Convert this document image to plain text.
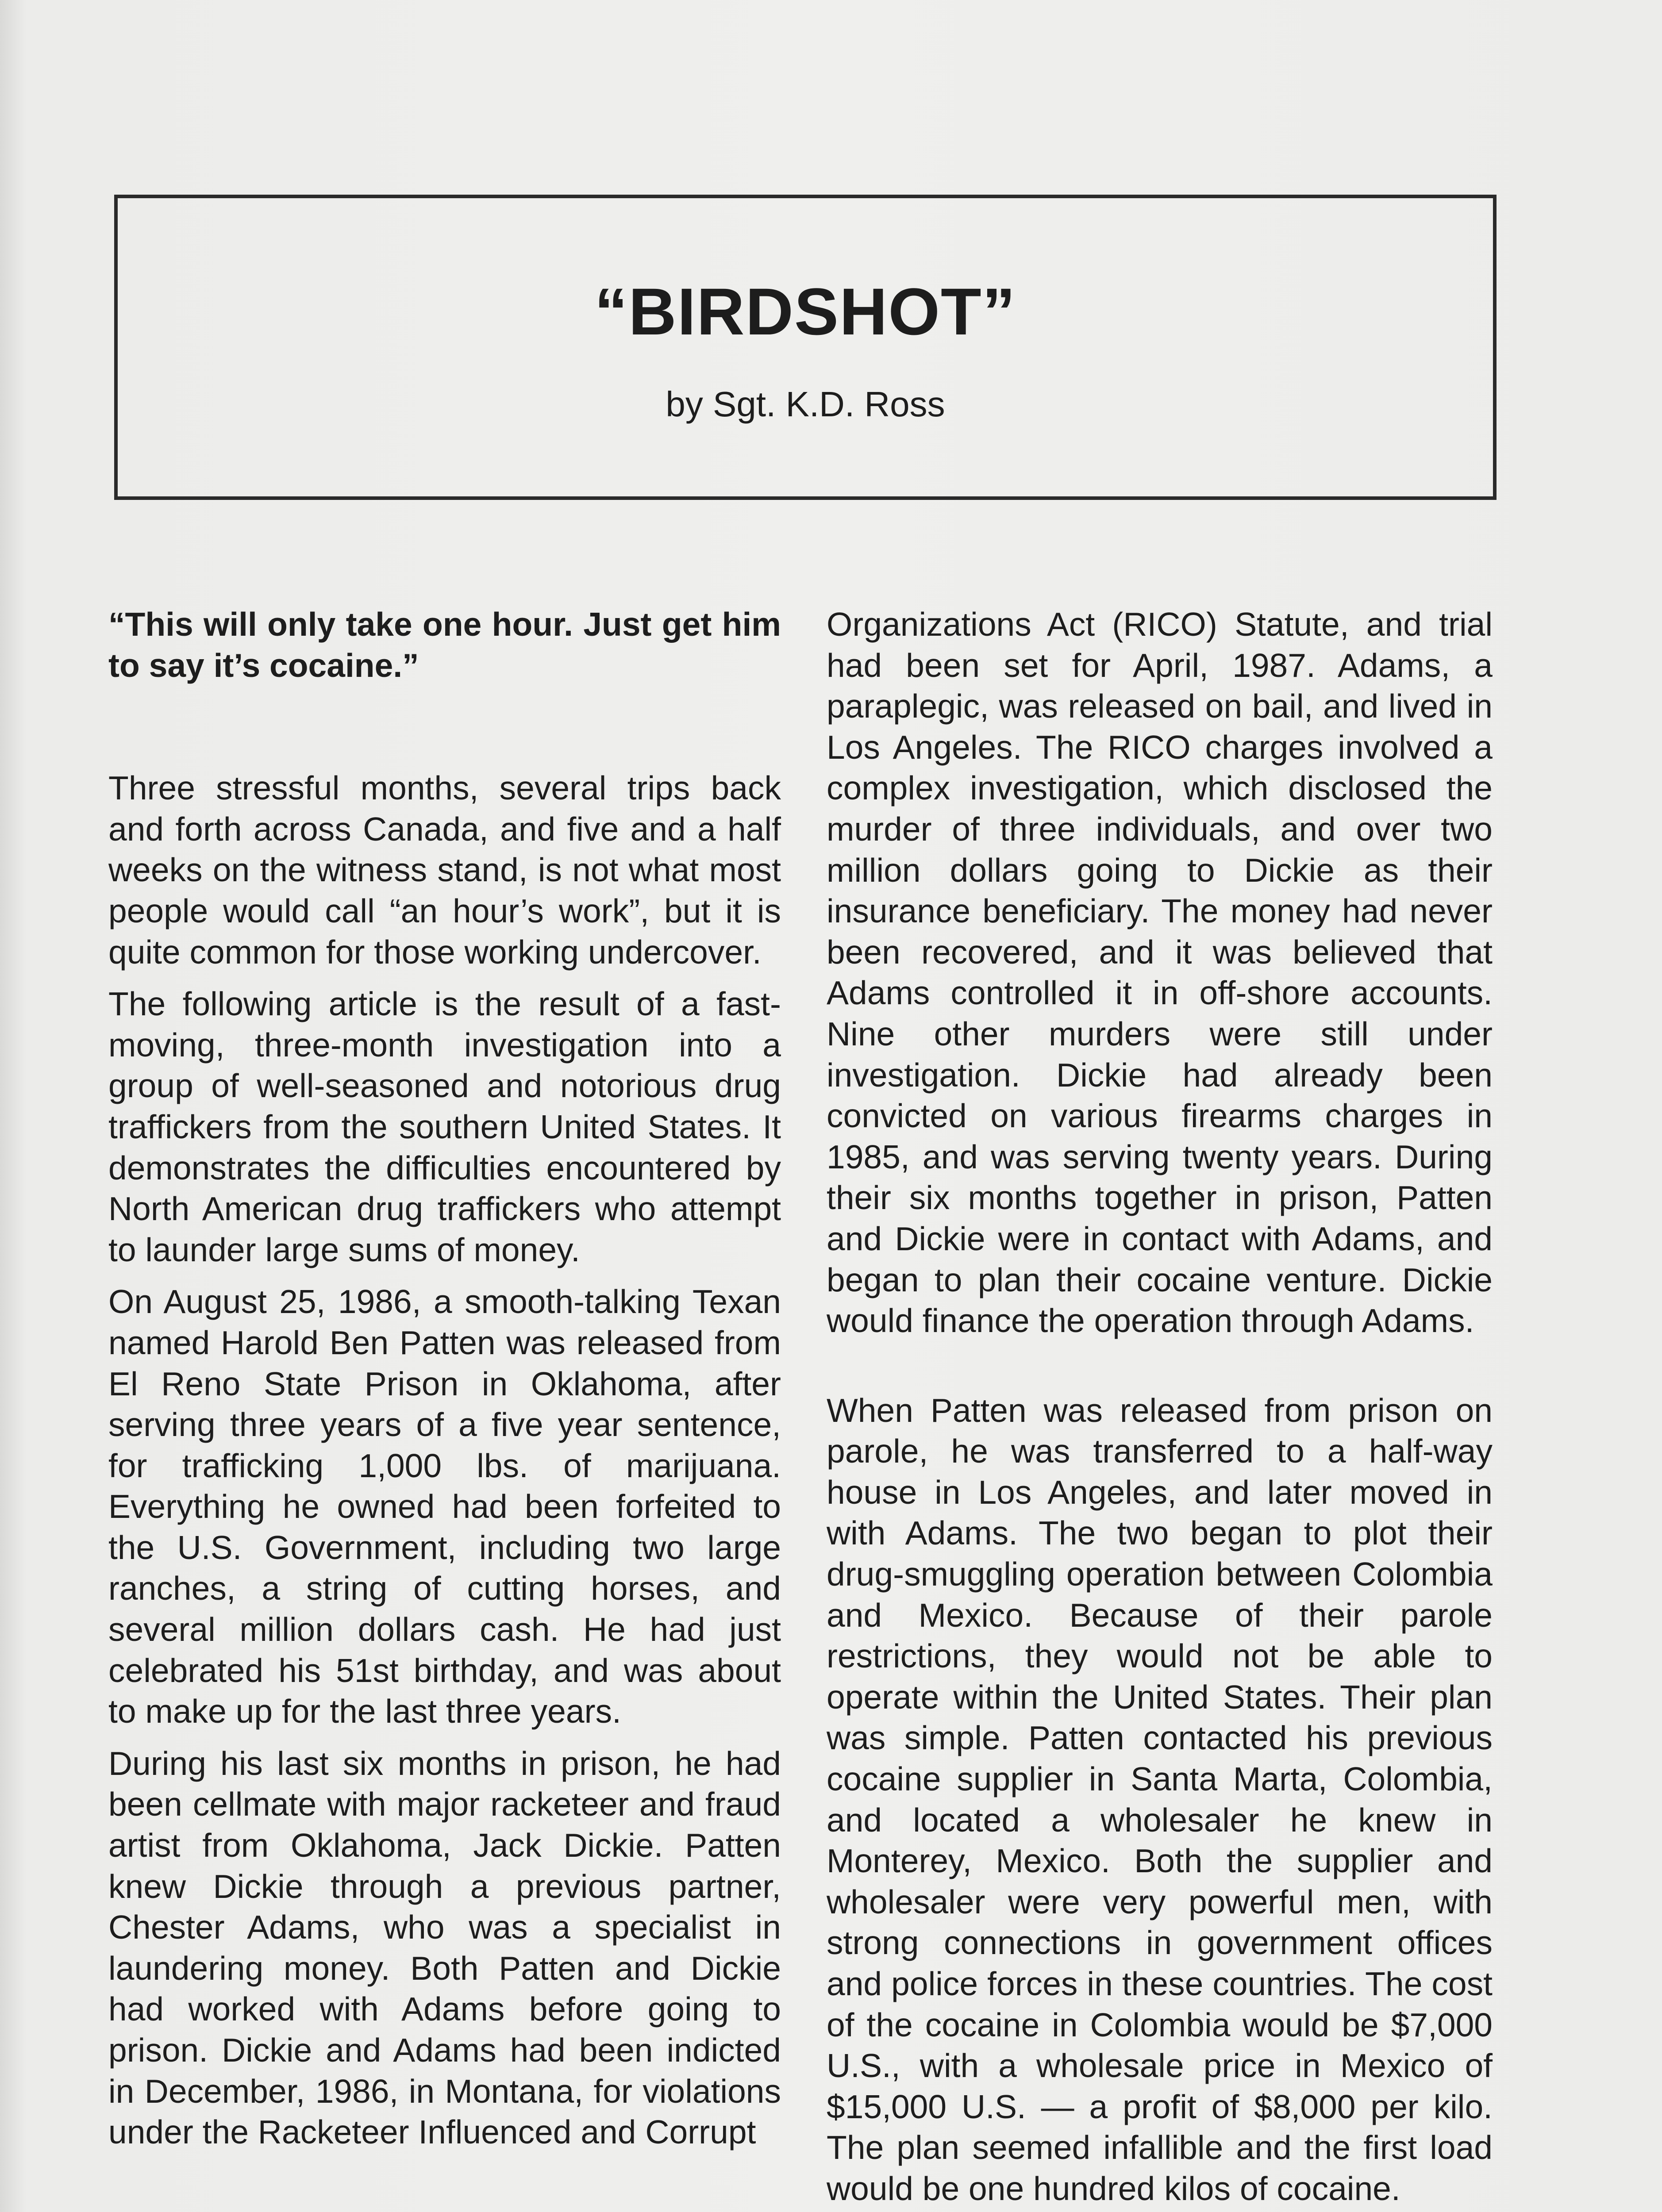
“BIRDSHOT”
by Sgt. K.D. Ross

“This will only take one hour. Just get him to say it’s cocaine.”

Three stressful months, several trips back and forth across Canada, and five and a half weeks on the witness stand, is not what most people would call “an hour’s work”, but it is quite common for those working undercover.

The following article is the result of a fast-moving, three-month investigation into a group of well-seasoned and notorious drug traffickers from the southern United States. It demonstrates the difficulties encountered by North American drug traffickers who attempt to launder large sums of money.

On August 25, 1986, a smooth-talking Texan named Harold Ben Patten was released from El Reno State Prison in Oklahoma, after serving three years of a five year sentence, for trafficking 1,000 lbs. of marijuana. Everything he owned had been forfeited to the U.S. Government, including two large ranches, a string of cutting horses, and several million dollars cash. He had just celebrated his 51st birthday, and was about to make up for the last three years.

During his last six months in prison, he had been cellmate with major racketeer and fraud artist from Oklahoma, Jack Dickie. Patten knew Dickie through a previous partner, Chester Adams, who was a specialist in laundering money. Both Patten and Dickie had worked with Adams before going to prison. Dickie and Adams had been indicted in December, 1986, in Montana, for violations under the Racketeer Influenced and Corrupt

Organizations Act (RICO) Statute, and trial had been set for April, 1987. Adams, a paraplegic, was released on bail, and lived in Los Angeles. The RICO charges involved a complex investigation, which disclosed the murder of three individuals, and over two million dollars going to Dickie as their insurance beneficiary. The money had never been recovered, and it was believed that Adams controlled it in off-shore accounts. Nine other murders were still under investigation. Dickie had already been convicted on various firearms charges in 1985, and was serving twenty years. During their six months together in prison, Patten and Dickie were in contact with Adams, and began to plan their cocaine venture. Dickie would finance the operation through Adams.

When Patten was released from prison on parole, he was transferred to a half-way house in Los Angeles, and later moved in with Adams. The two began to plot their drug-smuggling operation between Colombia and Mexico. Because of their parole restrictions, they would not be able to operate within the United States. Their plan was simple. Patten contacted his previous cocaine supplier in Santa Marta, Colombia, and located a wholesaler he knew in Monterey, Mexico. Both the supplier and wholesaler were very powerful men, with strong connections in government offices and police forces in these countries. The cost of the cocaine in Colombia would be $7,000 U.S., with a wholesale price in Mexico of $15,000 U.S. — a profit of $8,000 per kilo. The plan seemed infallible and the first load would be one hundred kilos of cocaine.
